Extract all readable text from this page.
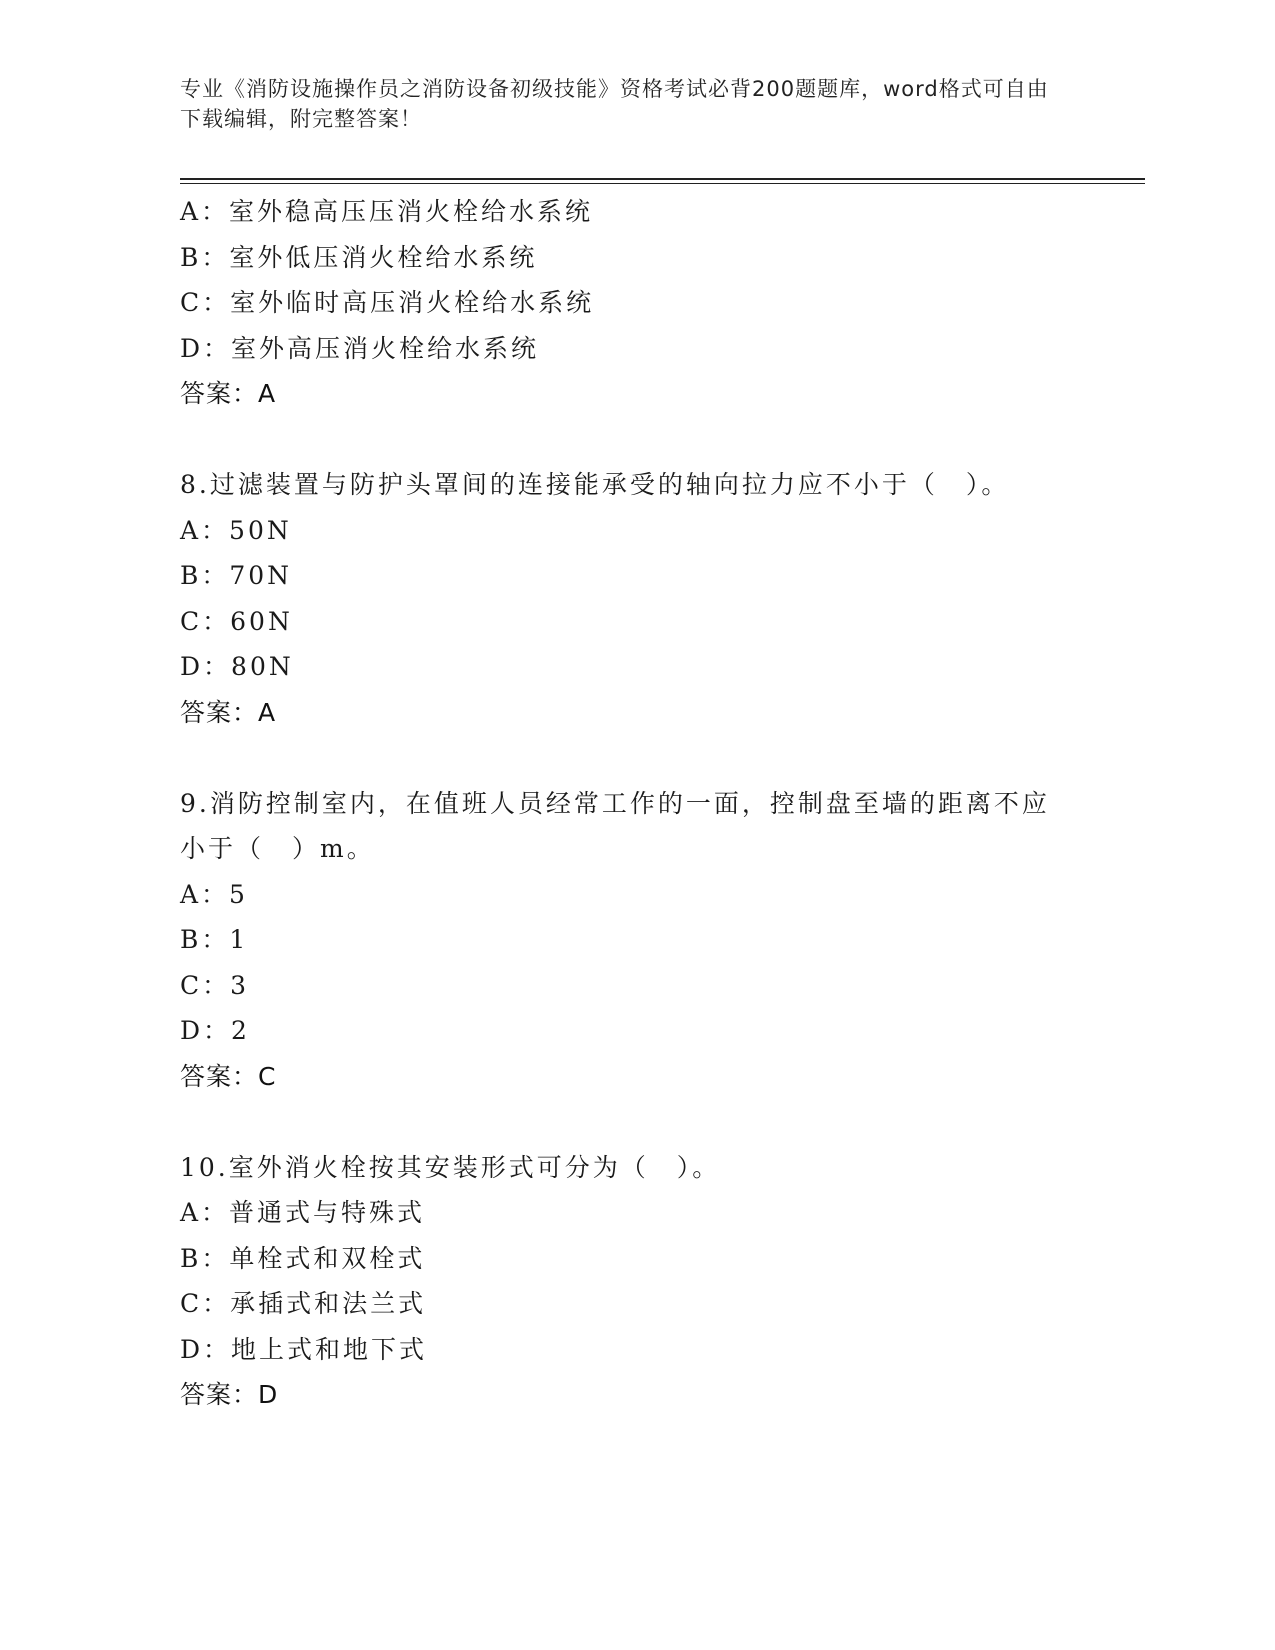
专业《消防设施操作员之消防设备初级技能》资格考试必背200题题库，word格式可自由下载编辑，附完整答案！
A：室外稳高压压消火栓给水系统
B：室外低压消火栓给水系统
C：室外临时高压消火栓给水系统
D：室外高压消火栓给水系统
答案：A
8.过滤装置与防护头罩间的连接能承受的轴向拉力应不小于（　）。
A：50N
B：70N
C：60N
D：80N
答案：A
9.消防控制室内，在值班人员经常工作的一面，控制盘至墙的距离不应小于（　）m。
A：5
B：1
C：3
D：2
答案：C
10.室外消火栓按其安装形式可分为（　）。
A：普通式与特殊式
B：单栓式和双栓式
C：承插式和法兰式
D：地上式和地下式
答案：D
